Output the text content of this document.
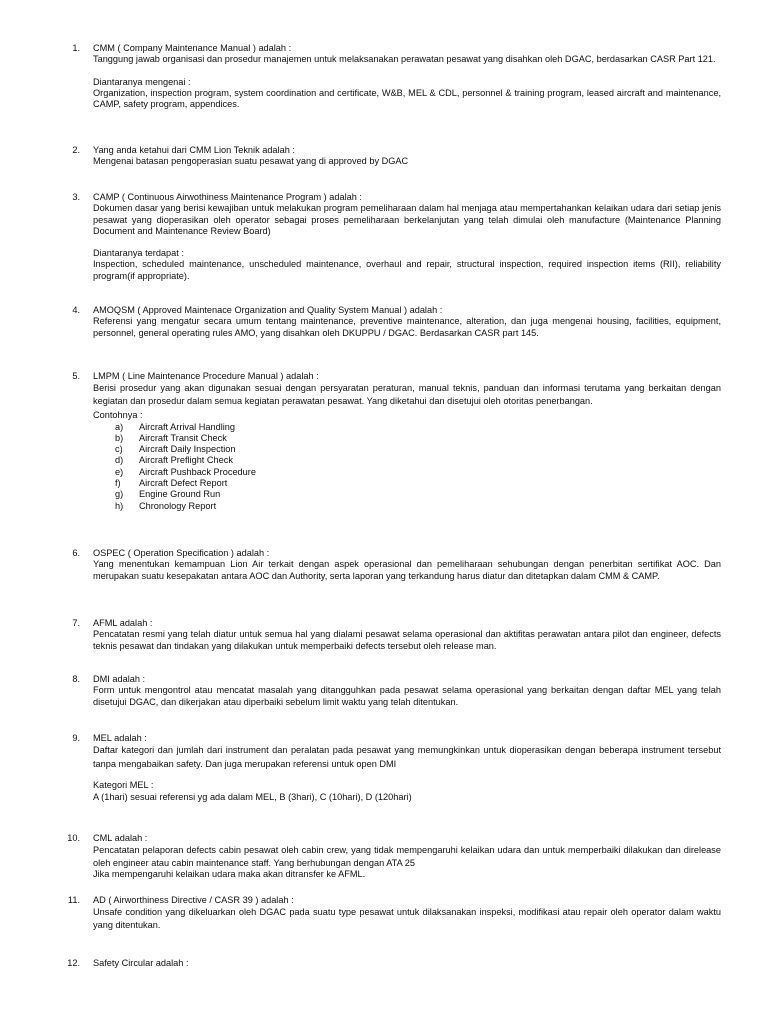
1. CMM ( Company Maintenance Manual ) adalah :

Tanggung jawab organisasi dan prosedur manajemen untuk melaksanakan perawatan pesawat yang disahkan oleh DGAC, berdasarkan CASR Part 121.

Diantaranya mengenai :

Organization, inspection program, system coordination and certificate, W&B, MEL & CDL, personnel & training program, leased aircraft and maintenance, CAMP, safety program, appendices.

2. Yang anda ketahui dari CMM Lion Teknik adalah :

Mengenai batasan pengoperasian suatu pesawat yang di approved by DGAC

3. CAMP ( Continuous Airwothiness Maintenance Program ) adalah :

Dokumen dasar yang berisi kewajiban untuk melakukan program pemeliharaan dalam hal menjaga atau mempertahankan kelaikan udara dari setiap jenis pesawat yang dioperasikan oleh operator sebagai proses pemeliharaan berkelanjutan yang telah dimulai oleh manufacture (Maintenance Planning Document and Maintenance Review Board)

Diantaranya terdapat :

Inspection, scheduled maintenance, unscheduled maintenance, overhaul and repair, structural inspection, required inspection items (RII), reliability program(if appropriate).

4. AMOQSM ( Approved Maintenace Organization and Quality System Manual ) adalah :

Referensi yang mengatur secara umum tentang maintenance, preventive maintenance, alteration, dan juga mengenai housing, facilities, equipment, personnel, general operating rules AMO, yang disahkan oleh DKUPPU / DGAC. Berdasarkan CASR part 145.

5. LMPM ( Line Maintenance Procedure Manual ) adalah :

Berisi prosedur yang akan digunakan sesuai dengan persyaratan peraturan, manual teknis, panduan dan informasi terutama yang berkaitan dengan kegiatan dan prosedur dalam semua kegiatan perawatan pesawat. Yang diketahui dan disetujui oleh otoritas penerbangan.

Contohnya :

a) Aircraft Arrival Handling
b) Aircraft Transit Check
c) Aircraft Daily Inspection
d) Aircraft Preflight Check
e) Aircraft Pushback Procedure
f) Aircraft Defect Report
g) Engine Ground Run
h) Chronology Report
6. OSPEC ( Operation Specification ) adalah :

Yang menentukan kemampuan Lion Air terkait dengan aspek operasional dan pemeliharaan sehubungan dengan penerbitan sertifikat AOC. Dan merupakan suatu kesepakatan antara AOC dan Authority, serta laporan yang terkandung harus diatur dan ditetapkan dalam CMM & CAMP.

7. AFML adalah :

Pencatatan resmi yang telah diatur untuk semua hal yang dialami pesawat selama operasional dan aktifitas perawatan antara pilot dan engineer, defects teknis pesawat dan tindakan yang dilakukan untuk memperbaiki defects tersebut oleh release man.

8. DMI adalah :

Form untuk mengontrol atau mencatat masalah yang ditangguhkan pada pesawat selama operasional yang berkaitan dengan daftar MEL yang telah disetujui DGAC, dan dikerjakan atau diperbaiki sebelum limit waktu yang telah ditentukan.

9. MEL adalah :

Daftar kategori dan jumlah dari instrument dan peralatan pada pesawat yang memungkinkan untuk dioperasikan dengan beberapa instrument tersebut tanpa mengabaikan safety. Dan juga merupakan referensi untuk open DMI

Kategori MEL :

A (1hari) sesuai referensi yg ada dalam MEL, B (3hari), C (10hari), D (120hari)

10. CML adalah :

Pencatatan pelaporan defects cabin pesawat oleh cabin crew, yang tidak mempengaruhi kelaikan udara dan untuk memperbaiki dilakukan dan direlease oleh engineer atau cabin maintenance staff. Yang berhubungan dengan ATA 25

Jika mempengaruhi kelaikan udara maka akan ditransfer ke AFML.

11. AD ( Airworthiness Directive / CASR 39 ) adalah :

Unsafe condition yang dikeluarkan oleh DGAC pada suatu type pesawat untuk dilaksanakan inspeksi, modifikasi atau repair oleh operator dalam waktu yang ditentukan.

12. Safety Circular adalah :
